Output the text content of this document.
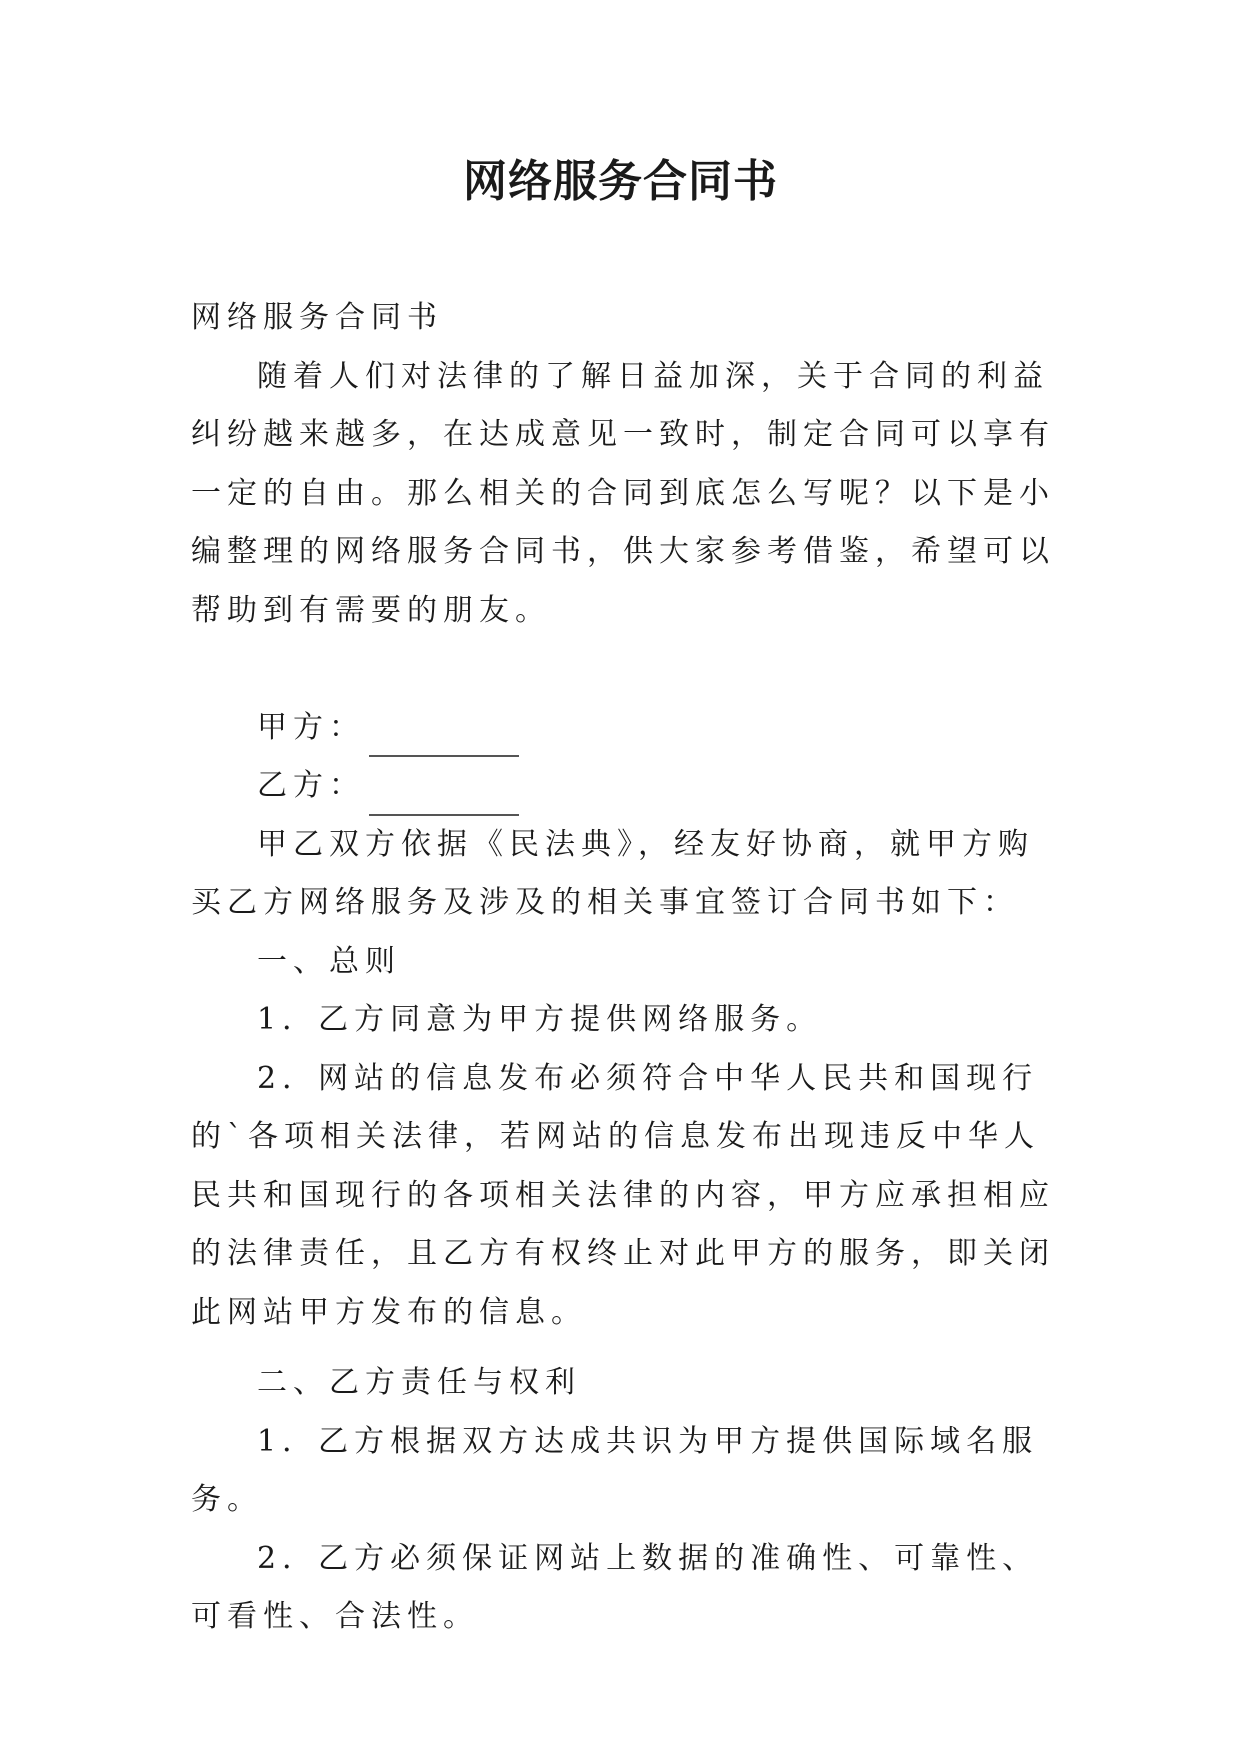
网络服务合同书

网络服务合同书

随着人们对法律的了解日益加深，关于合同的利益纠纷越来越多，在达成意见一致时，制定合同可以享有一定的自由。那么相关的合同到底怎么写呢？以下是小编整理的网络服务合同书，供大家参考借鉴，希望可以帮助到有需要的朋友。

甲方：

乙方：

甲乙双方依据《民法典》，经友好协商，就甲方购买乙方网络服务及涉及的相关事宜签订合同书如下：

一、总则

1．乙方同意为甲方提供网络服务。

2．网站的信息发布必须符合中华人民共和国现行的`各项相关法律，若网站的信息发布出现违反中华人民共和国现行的各项相关法律的内容，甲方应承担相应的法律责任，且乙方有权终止对此甲方的服务，即关闭此网站甲方发布的信息。

二、乙方责任与权利

1．乙方根据双方达成共识为甲方提供国际域名服务。

2．乙方必须保证网站上数据的准确性、可靠性、可看性、合法性。
